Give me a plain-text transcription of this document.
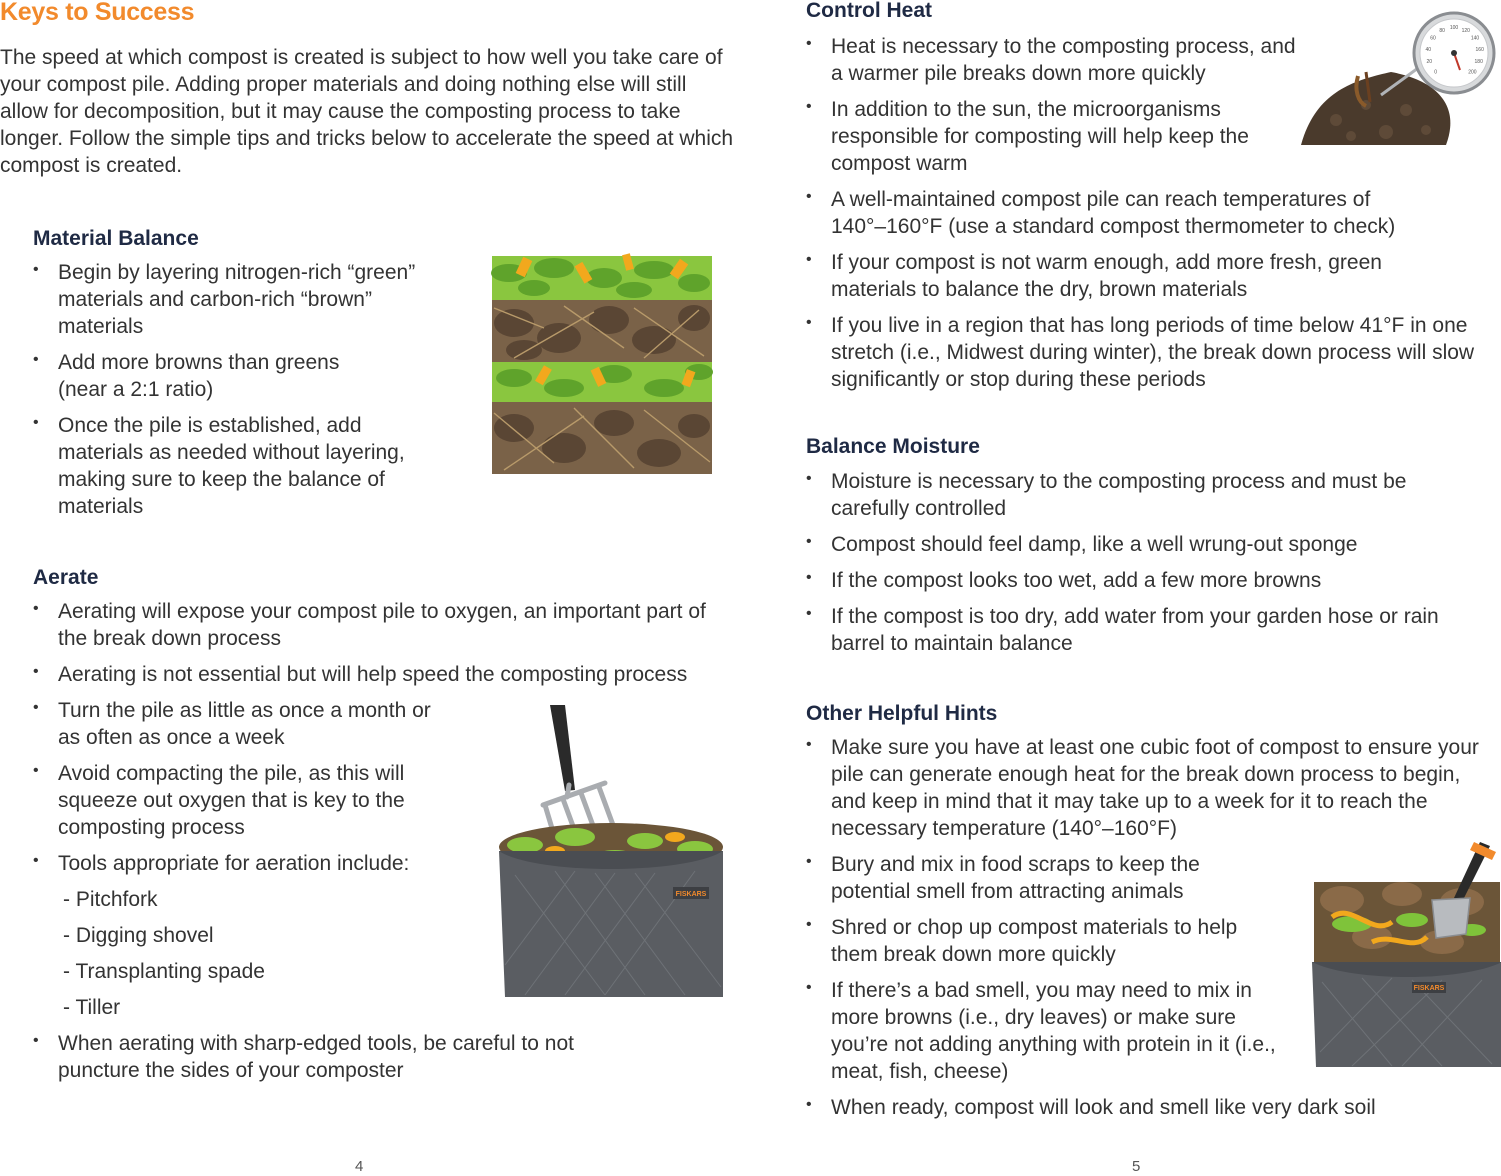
Keys to Success
The speed at which compost is created is subject to how well you take care of your compost pile. Adding proper materials and doing nothing else will still allow for decomposition, but it may cause the composting process to take longer. Follow the simple tips and tricks below to accelerate the speed at which compost is created.
Material Balance
• Begin by layering nitrogen-rich “green” materials and carbon-rich “brown” materials
• Add more browns than greens (near a 2:1 ratio)
• Once the pile is established, add materials as needed without layering, making sure to keep the balance of materials
Aerate
• Aerating will expose your compost pile to oxygen, an important part of the break down process
• Aerating is not essential but will help speed the composting process
• Turn the pile as little as once a month or as often as once a week
• Avoid compacting the pile, as this will squeeze out oxygen that is key to the composting process
• Tools appropriate for aeration include:
- Pitchfork
- Digging shovel
- Transplanting spade
- Tiller
• When aerating with sharp-edged tools, be careful to not puncture the sides of your composter
FISKARS
4
Control Heat
• Heat is necessary to the composting process, and a warmer pile breaks down more quickly
• In addition to the sun, the microorganisms responsible for composting will help keep the compost warm
• A well-maintained compost pile can reach temperatures of 140°–160°F (use a standard compost thermometer to check)
• If your compost is not warm enough, add more fresh, green materials to balance the dry, brown materials
• If you live in a region that has long periods of time below 41°F in one stretch (i.e., Midwest during winter), the break down process will slow significantly or stop during these periods
0
20
40
60
80 100 120
140
160
180
200
Balance Moisture
• Moisture is necessary to the composting process and must be carefully controlled
• Compost should feel damp, like a well wrung-out sponge
• If the compost looks too wet, add a few more browns
• If the compost is too dry, add water from your garden hose or rain barrel to maintain balance
Other Helpful Hints
• Make sure you have at least one cubic foot of compost to ensure your pile can generate enough heat for the break down process to begin, and keep in mind that it may take up to a week for it to reach the necessary temperature (140°–160°F)
• Bury and mix in food scraps to keep the potential smell from attracting animals
• Shred or chop up compost materials to help them break down more quickly
• If there’s a bad smell, you may need to mix in more browns (i.e., dry leaves) or make sure you’re not adding anything with protein in it (i.e., meat, fish, cheese)
• When ready, compost will look and smell like very dark soil
FISKARS
5
